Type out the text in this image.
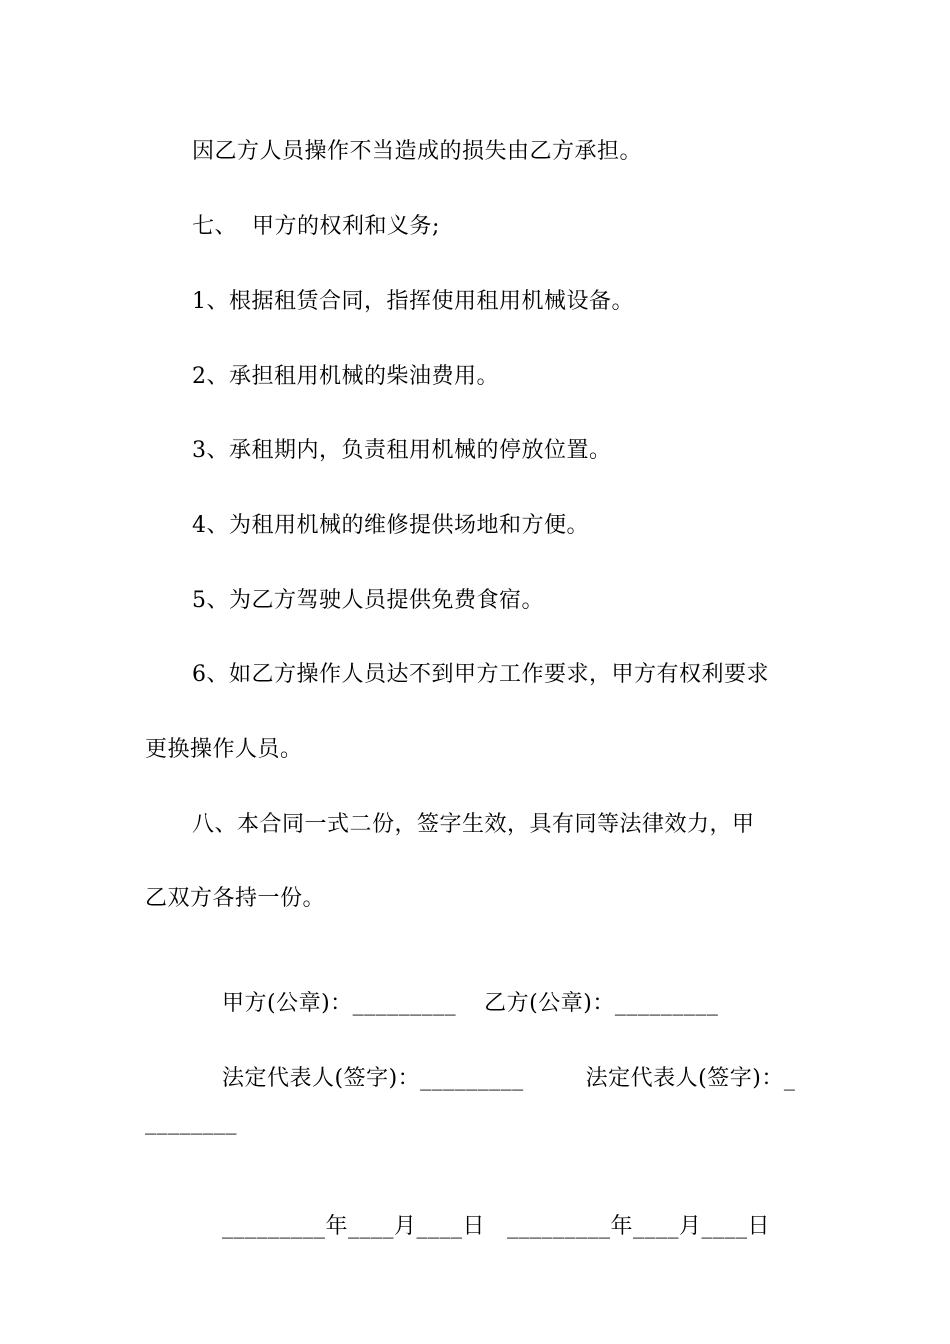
因乙方人员操作不当造成的损失由乙方承担。
七、  甲方的权利和义务;
1、根据租赁合同，指挥使用租用机械设备。
2、承担租用机械的柴油费用。
3、承租期内，负责租用机械的停放位置。
4、为租用机械的维修提供场地和方便。
5、为乙方驾驶人员提供免费食宿。
6、如乙方操作人员达不到甲方工作要求，甲方有权利要求
更换操作人员。
八、本合同一式二份，签字生效，具有同等法律效力，甲
乙双方各持一份。

甲方(公章)：_________ 乙方(公章)：_________

法定代表人(签字)：_________	法定代表人(签字)：_

________

_________年____月____日 _________年____月____日
